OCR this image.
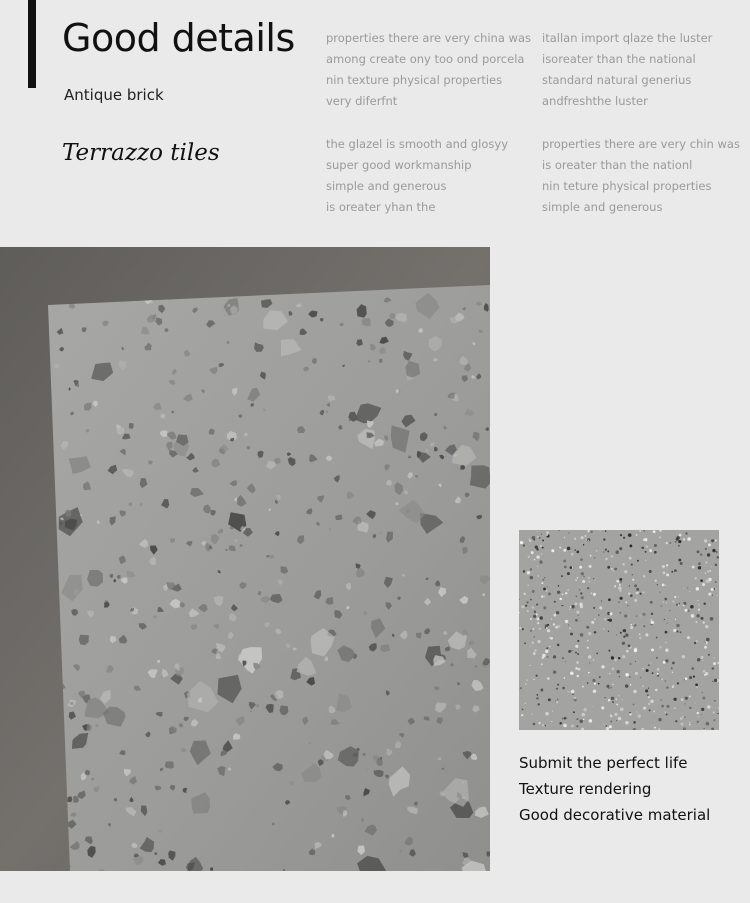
Good details
Antique brick
Terrazzo tiles
properties there are very china was
among create ony too ond porcela
nin texture physical properties
very diferfnt
itallan import qlaze the luster
isoreater than the national
standard natural generius
andfreshthe luster
the glazel is smooth and glosyy
super good workmanship
simple and generous
is oreater yhan the
properties there are very chin was
is oreater than the nationl
nin teture physical properties
simple and generous
Submit the perfect life
Texture rendering
Good decorative material
